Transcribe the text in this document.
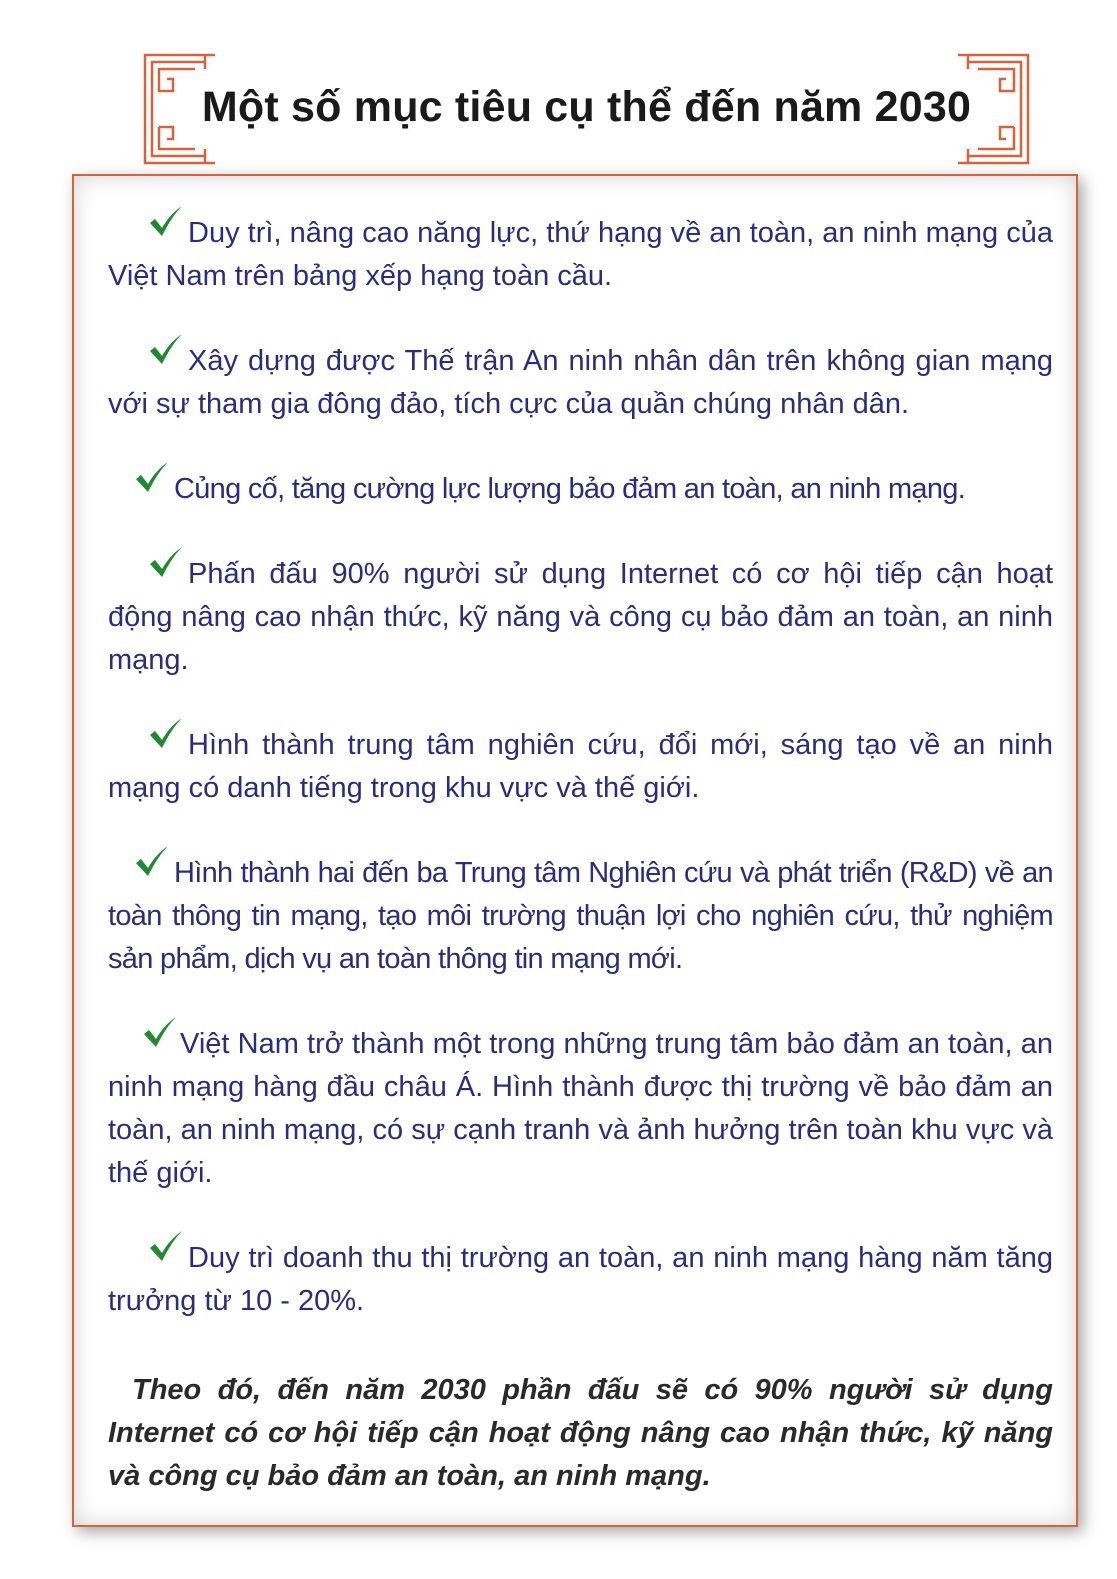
Một số mục tiêu cụ thể đến năm 2030
Duy trì, nâng cao năng lực, thứ hạng về an toàn, an ninh mạng của Việt Nam trên bảng xếp hạng toàn cầu.
Xây dựng được Thế trận An ninh nhân dân trên không gian mạng với sự tham gia đông đảo, tích cực của quần chúng nhân dân.
Củng cố, tăng cường lực lượng bảo đảm an toàn, an ninh mạng.
Phấn đấu 90% người sử dụng Internet có cơ hội tiếp cận hoạt động nâng cao nhận thức, kỹ năng và công cụ bảo đảm an toàn, an ninh mạng.
Hình thành trung tâm nghiên cứu, đổi mới, sáng tạo về an ninh mạng có danh tiếng trong khu vực và thế giới.
Hình thành hai đến ba Trung tâm Nghiên cứu và phát triển (R&D) về an toàn thông tin mạng, tạo môi trường thuận lợi cho nghiên cứu, thử nghiệm sản phẩm, dịch vụ an toàn thông tin mạng mới.
Việt Nam trở thành một trong những trung tâm bảo đảm an toàn, an ninh mạng hàng đầu châu Á. Hình thành được thị trường về bảo đảm an toàn, an ninh mạng, có sự cạnh tranh và ảnh hưởng trên toàn khu vực và thế giới.
Duy trì doanh thu thị trường an toàn, an ninh mạng hàng năm tăng trưởng từ 10 - 20%.
Theo đó, đến năm 2030 phần đấu sẽ có 90% người sử dụng Internet có cơ hội tiếp cận hoạt động nâng cao nhận thức, kỹ năng và công cụ bảo đảm an toàn, an ninh mạng.
